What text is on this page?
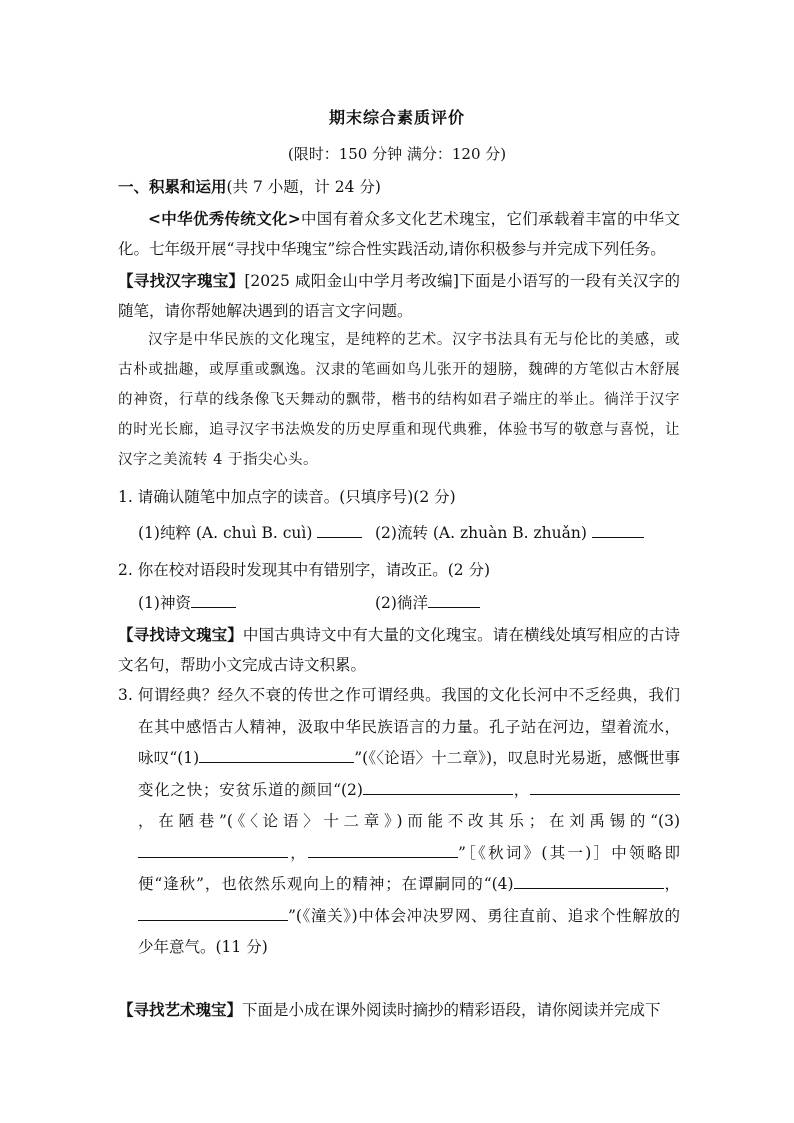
期末综合素质评价
(限时：150 分钟 满分：120 分)
一、积累和运用(共 7 小题，计 24 分)
<中华优秀传统文化>中国有着众多文化艺术瑰宝，它们承载着丰富的中华文化。七年级开展“寻找中华瑰宝”综合性实践活动,请你积极参与并完成下列任务。
【寻找汉字瑰宝】[2025 咸阳金山中学月考改编]下面是小语写的一段有关汉字的随笔，请你帮她解决遇到的语言文字问题。
汉字是中华民族的文化瑰宝，是纯粹的艺术。汉字书法具有无与伦比的美感，或古朴或拙趣，或厚重或飘逸。汉隶的笔画如鸟儿张开的翅膀，魏碑的方笔似古木舒展的神资，行草的线条像飞天舞动的飘带，楷书的结构如君子端庄的举止。徜洋于汉字的时光长廊，追寻汉字书法焕发的历史厚重和现代典雅，体验书写的敬意与喜悦，让汉字之美流转 4 于指尖心头。
1. 请确认随笔中加点字的读音。(只填序号)(2 分)
(1)纯粹 (A. chuì B. cuì)	(2)流转 (A. zhuàn B. zhuǎn)
2. 你在校对语段时发现其中有错别字，请改正。(2 分)
(1)神资	(2)徜洋
【寻找诗文瑰宝】中国古典诗文中有大量的文化瑰宝。请在横线处填写相应的古诗文名句，帮助小文完成古诗文积累。
3. 何谓经典？经久不衰的传世之作可谓经典。我国的文化长河中不乏经典，我们在其中感悟古人精神，汲取中华民族语言的力量。孔子站在河边，望着流水，咏叹“(1)	”(《〈论语〉十二章》)，叹息时光易逝，感慨世事变化之快；安贫乐道的颜回“(2)	，，在陋巷”(《〈论语〉十二章》)而能不改其乐；在刘禹锡的“(3)，	”［《秋词》(其一)］中领略即便“逢秋”，也依然乐观向上的精神；在谭嗣同的“(4)	，”(《潼关》)中体会冲决罗网、勇往直前、追求个性解放的少年意气。(11 分)
【寻找艺术瑰宝】下面是小成在课外阅读时摘抄的精彩语段，请你阅读并完成下
